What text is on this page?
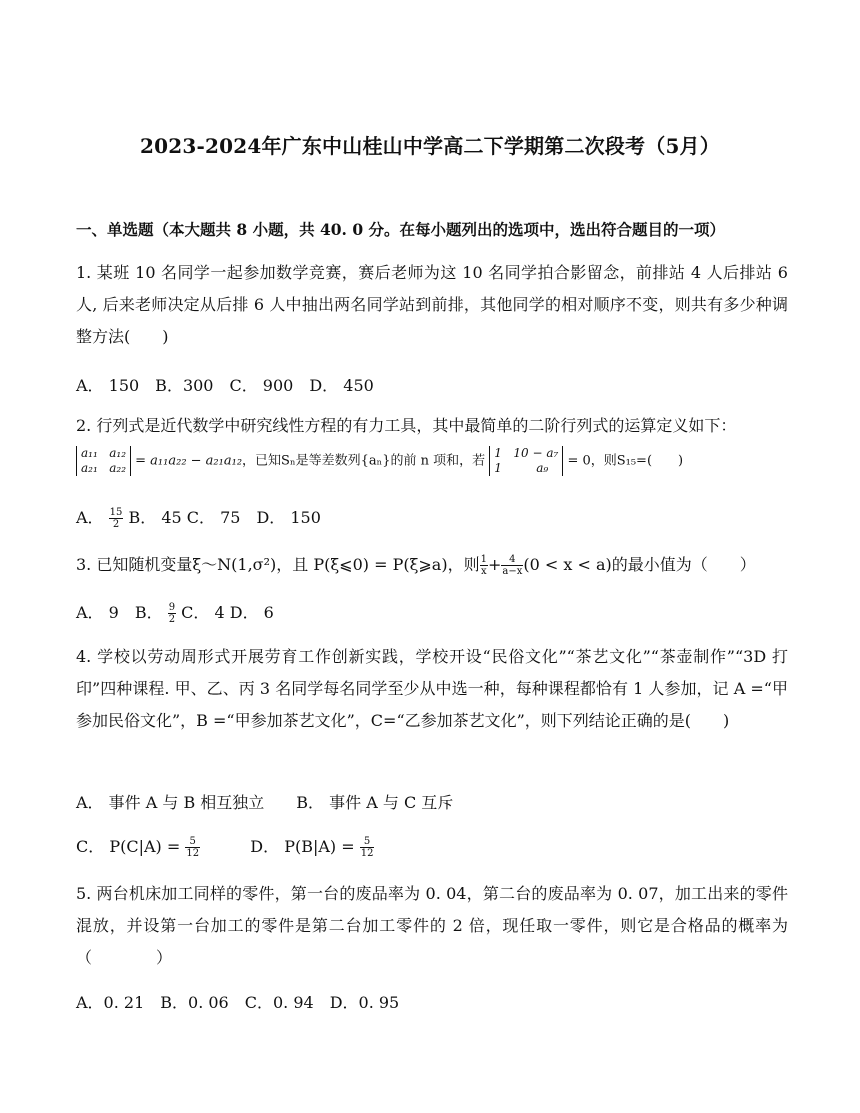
2023-2024年广东中山桂山中学高二下学期第二次段考（5月）
一、单选题（本大题共 8 小题，共 40. 0 分。在每小题列出的选项中，选出符合题目的一项）
1. 某班 10 名同学一起参加数学竞赛，赛后老师为这 10 名同学拍合影留念，前排站 4 人后排站 6 人, 后来老师决定从后排 6 人中抽出两名同学站到前排，其他同学的相对顺序不变，则共有多少种调整方法(　　)
A． 150　B．300　C． 900　D． 450
2. 行列式是近代数学中研究线性方程的有力工具，其中最简单的二阶行列式的运算定义如下：
a₁₁ a₁₂
a₂₁ a₂₂ = a₁₁a₂₂ − a₂₁a₁₂，已知Sₙ是等差数列{aₙ}的前 n 项和，若
1 10 − a₇
1	a₉	= 0，则S₁₅=(　　)
A． $\frac{15}{2}$ B． 45 C． 75　D． 150
3. 已知随机变量ξ～N(1,σ²)，且 P(ξ⩽0) = P(ξ⩾a)，则 $\frac{1}{x} + \frac{4}{a-x} (0 < x < a)$的最小值为（　　）
A． 9　B． $\frac{9}{2}$ C． 4 D． 6
4. 学校以劳动周形式开展劳育工作创新实践，学校开设“民俗文化”“茶艺文化”“茶壶制作”“3D 打印”四种课程. 甲、乙、丙 3 名同学每名同学至少从中选一种，每种课程都恰有 1 人参加，记 A =“甲参加民俗文化”，B =“甲参加茶艺文化”，C=“乙参加茶艺文化”，则下列结论正确的是(　　)
A． 事件 A 与 B 相互独立　　B． 事件 A 与 C 互斥
C． $P(C|A) = \frac{5}{12}$	D． $P(B|A) = \frac{5}{12}$
5. 两台机床加工同样的零件，第一台的废品率为 0. 04，第二台的废品率为 0. 07，加工出来的零件混放，并设第一台加工的零件是第二台加工零件的 2 倍，现任取一零件，则它是合格品的概率为（　　　　）
A．0. 21　B．0. 06　C．0. 94　D．0. 95
